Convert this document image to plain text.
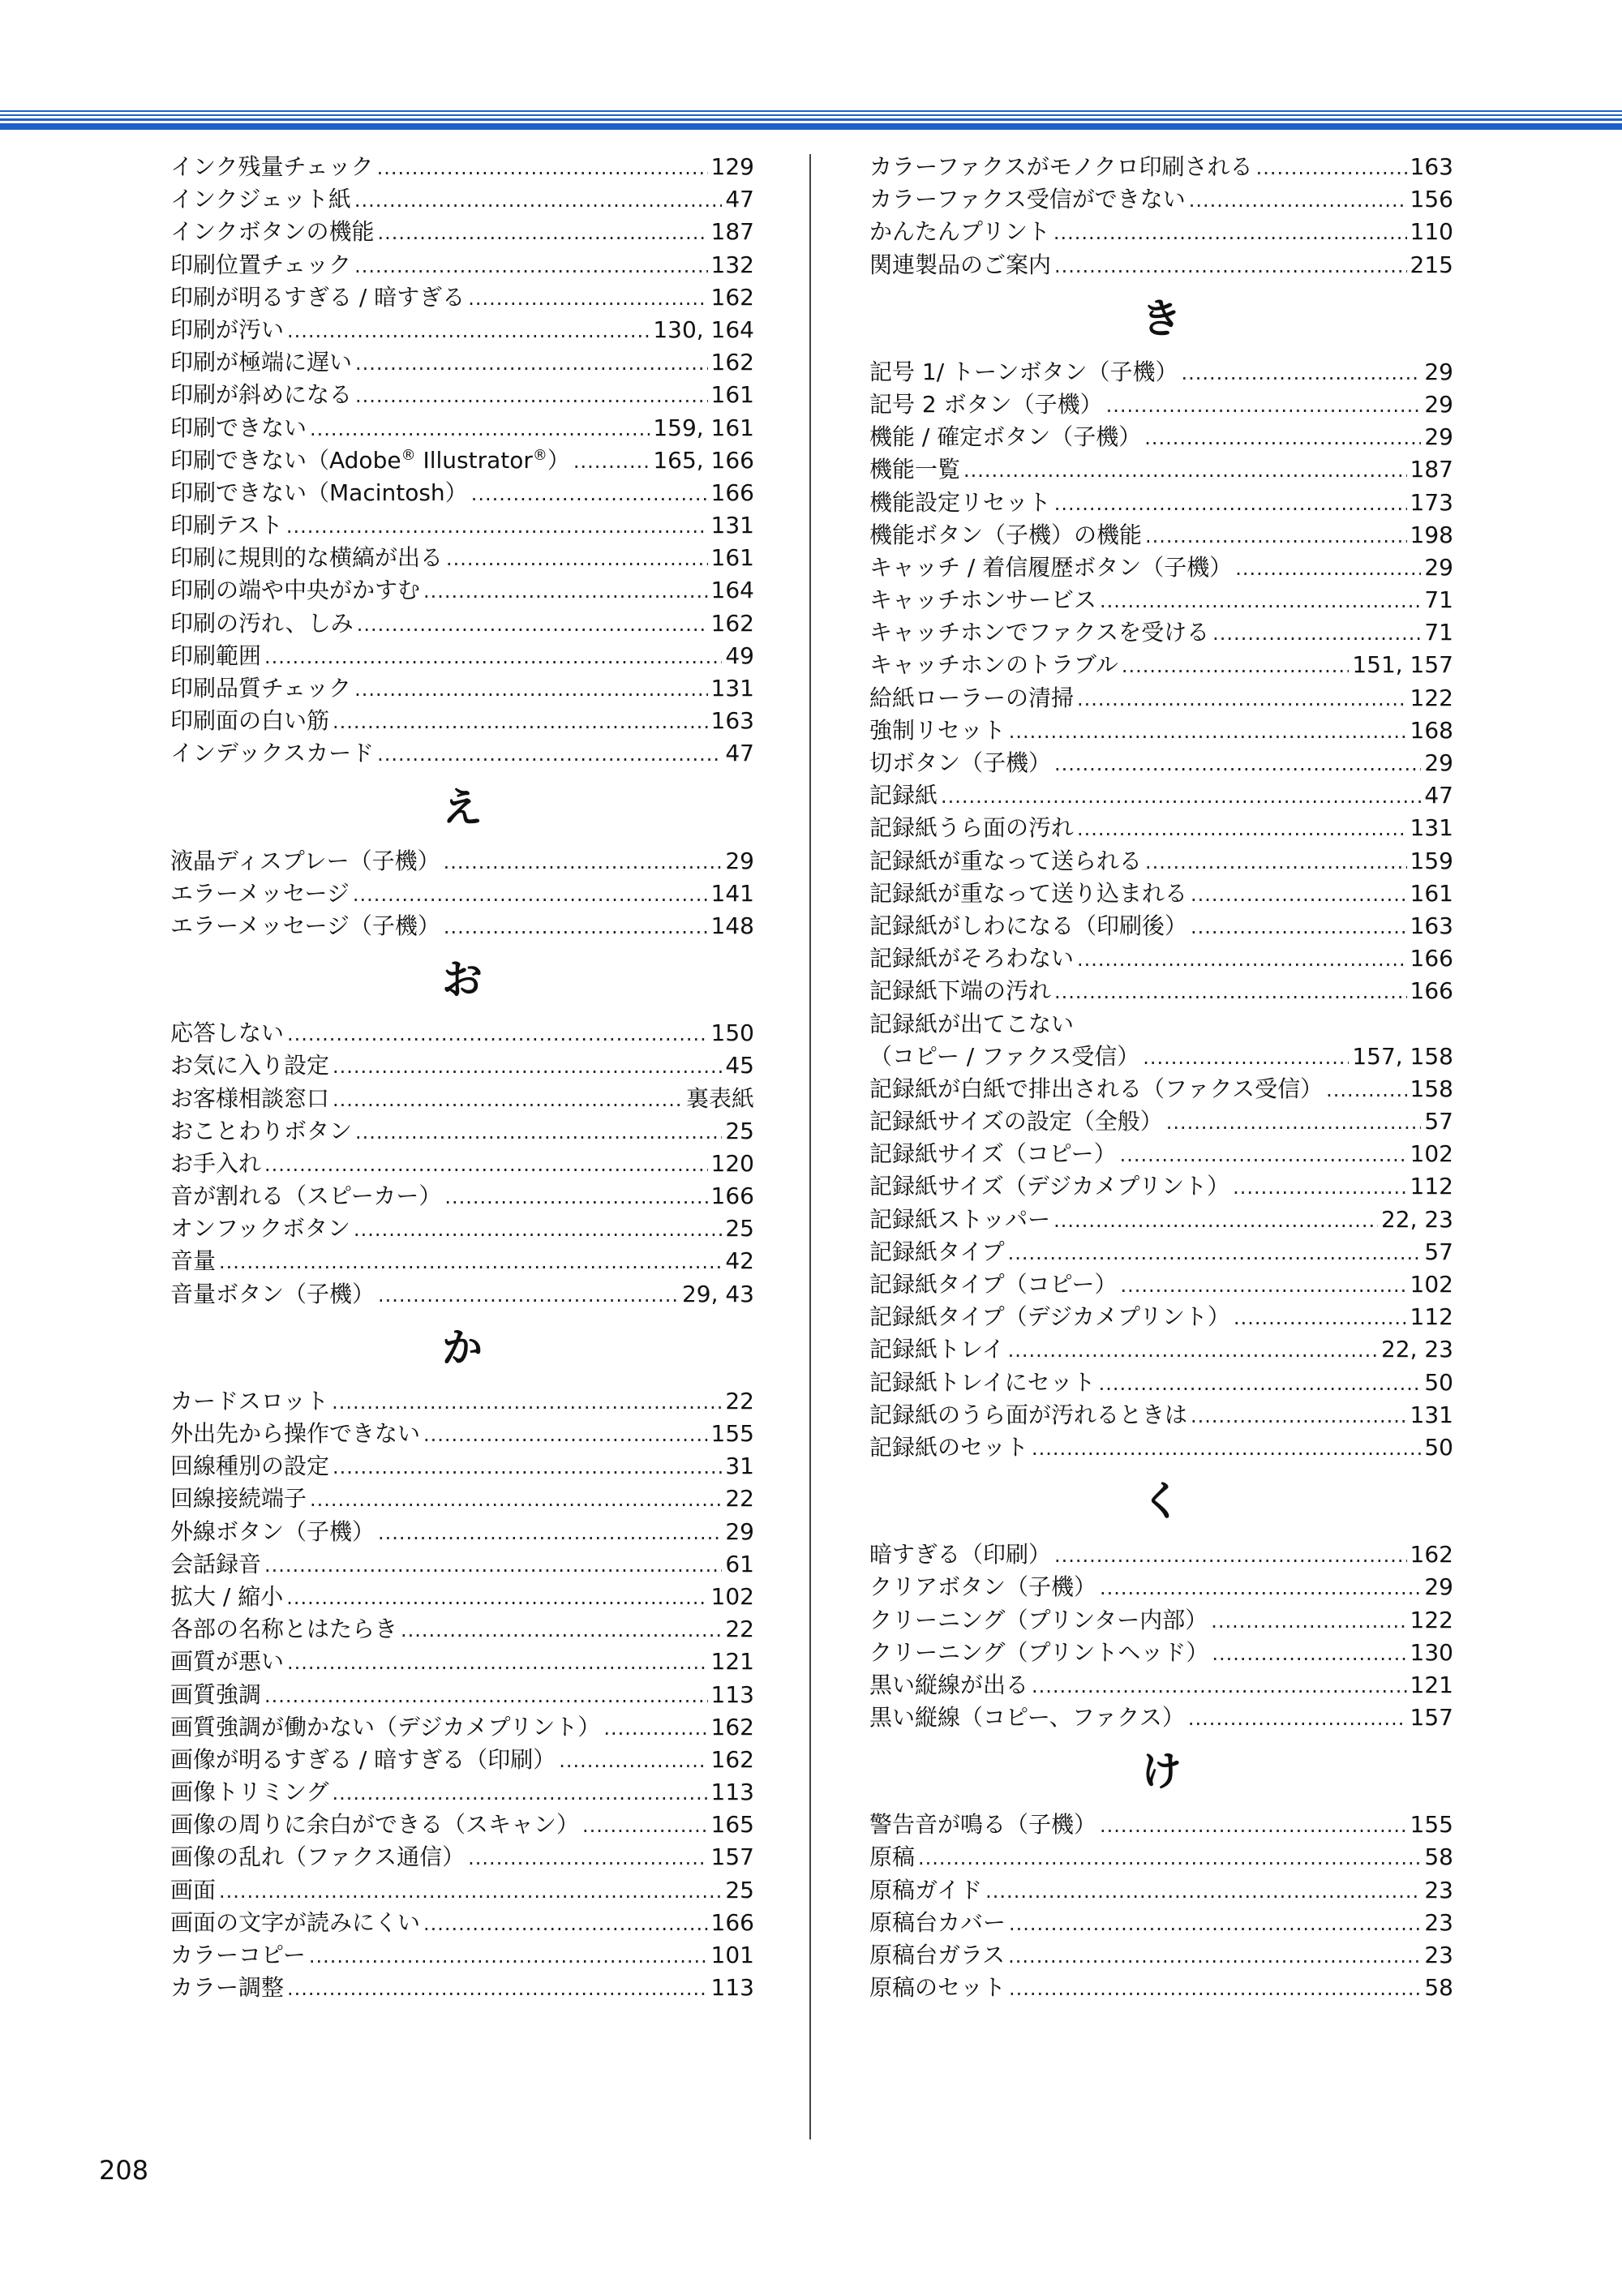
インク残量チェック .....	129
インクジェット紙 .....	47
インクボタンの機能 .....	187
印刷位置チェック .....	132
印刷が明るすぎる / 暗すぎる .....	162
印刷が汚い .....	130, 164
印刷が極端に遅い .....	162
印刷が斜めになる .....	161
印刷できない .....	159, 161
印刷できない（Adobe® Illustrator®） .....	165, 166
印刷できない（Macintosh） .....	166
印刷テスト .....	131
印刷に規則的な横縞が出る .....	161
印刷の端や中央がかすむ .....	164
印刷の汚れ、しみ .....	162
印刷範囲 .....	49
印刷品質チェック .....	131
印刷面の白い筋 .....	163
インデックスカード .....	47
え
液晶ディスプレー（子機） .....	29
エラーメッセージ .....	141
エラーメッセージ（子機） .....	148
お
応答しない .....	150
お気に入り設定 .....	45
お客様相談窓口 .....	裏表紙
おことわりボタン .....	25
お手入れ .....	120
音が割れる（スピーカー） .....	166
オンフックボタン .....	25
音量 .....	42
音量ボタン（子機） .....	29, 43
か
カードスロット .....	22
外出先から操作できない .....	155
回線種別の設定 .....	31
回線接続端子 .....	22
外線ボタン（子機） .....	29
会話録音 .....	61
拡大 / 縮小 .....	102
各部の名称とはたらき .....	22
画質が悪い .....	121
画質強調 .....	113
画質強調が働かない（デジカメプリント） .....	162
画像が明るすぎる / 暗すぎる（印刷） .....	162
画像トリミング .....	113
画像の周りに余白ができる（スキャン） .....	165
画像の乱れ（ファクス通信） .....	157
画面 .....	25
画面の文字が読みにくい .....	166
カラーコピー .....	101
カラー調整 .....	113
カラーファクスがモノクロ印刷される .....	163
カラーファクス受信ができない .....	156
かんたんプリント .....	110
関連製品のご案内 .....	215
き
記号 1/ トーンボタン（子機） .....	29
記号 2 ボタン（子機） .....	29
機能 / 確定ボタン（子機） .....	29
機能一覧 .....	187
機能設定リセット .....	173
機能ボタン（子機）の機能 .....	198
キャッチ / 着信履歴ボタン（子機） .....	29
キャッチホンサービス .....	71
キャッチホンでファクスを受ける .....	71
キャッチホンのトラブル .....	151, 157
給紙ローラーの清掃 .....	122
強制リセット .....	168
切ボタン（子機） .....	29
記録紙 .....	47
記録紙うら面の汚れ .....	131
記録紙が重なって送られる .....	159
記録紙が重なって送り込まれる .....	161
記録紙がしわになる（印刷後） .....	163
記録紙がそろわない .....	166
記録紙下端の汚れ .....	166
記録紙が出てこない
（コピー / ファクス受信） .....	157, 158
記録紙が白紙で排出される（ファクス受信） .....	158
記録紙サイズの設定（全般） .....	57
記録紙サイズ（コピー） .....	102
記録紙サイズ（デジカメプリント） .....	112
記録紙ストッパー .....	22, 23
記録紙タイプ .....	57
記録紙タイプ（コピー） .....	102
記録紙タイプ（デジカメプリント） .....	112
記録紙トレイ .....	22, 23
記録紙トレイにセット .....	50
記録紙のうら面が汚れるときは .....	131
記録紙のセット .....	50
く
暗すぎる（印刷） .....	162
クリアボタン（子機） .....	29
クリーニング（プリンター内部） .....	122
クリーニング（プリントヘッド） .....	130
黒い縦線が出る .....	121
黒い縦線（コピー、ファクス） .....	157
け
警告音が鳴る（子機） .....	155
原稿 .....	58
原稿ガイド .....	23
原稿台カバー .....	23
原稿台ガラス .....	23
原稿のセット .....	58
208
